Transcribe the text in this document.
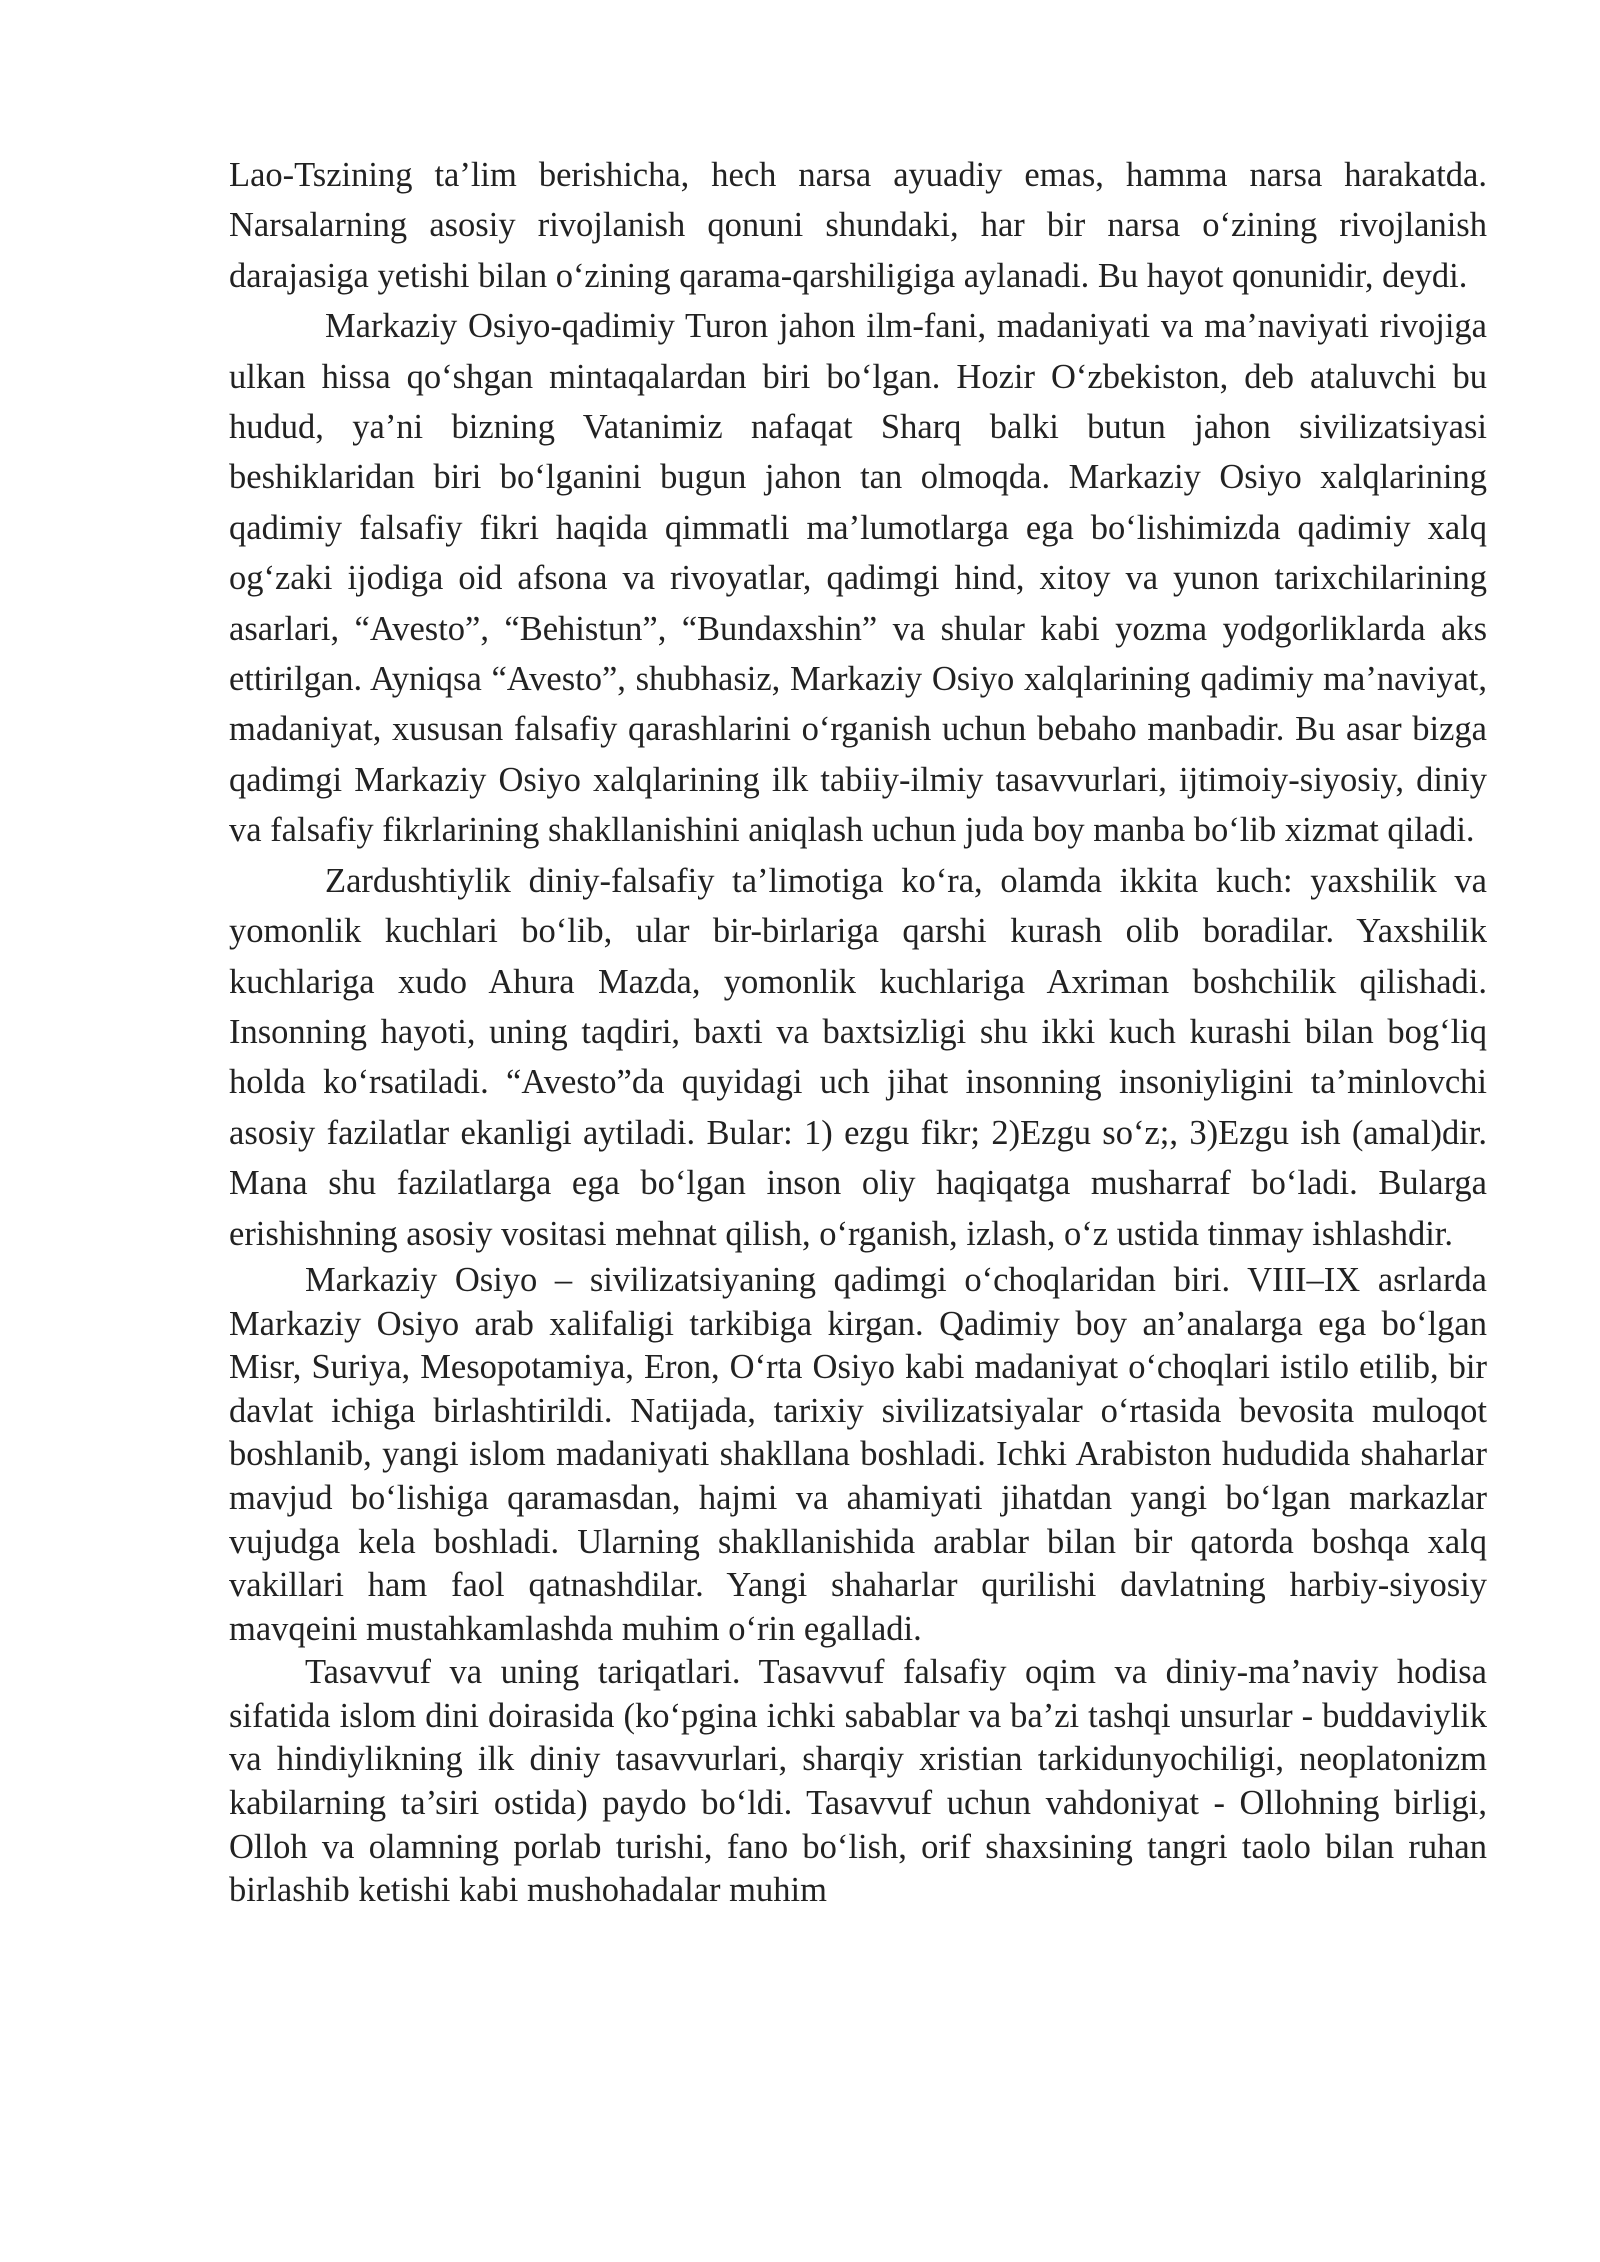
Lao-Tszining ta’lim berishicha, hech narsa ayuadiy emas, hamma narsa harakatda. Narsalarning asosiy rivojlanish qonuni shundaki, har bir narsa o‘zining rivojlanish darajasiga yetishi bilan o‘zining qarama-qarshiligiga aylanadi. Bu hayot qonunidir, deydi.

Markaziy Osiyo-qadimiy Turon jahon ilm-fani, madaniyati va ma’naviyati rivojiga ulkan hissa qo‘shgan mintaqalardan biri bo‘lgan. Hozir O‘zbekiston, deb ataluvchi bu hudud, ya’ni bizning Vatanimiz nafaqat Sharq balki butun jahon sivilizatsiyasi beshiklaridan biri bo‘lganini bugun jahon tan olmoqda. Markaziy Osiyo xalqlarining qadimiy falsafiy fikri haqida qimmatli ma’lumotlarga ega bo‘lishimizda qadimiy xalq og‘zaki ijodiga oid afsona va rivoyatlar, qadimgi hind, xitoy va yunon tarixchilarining asarlari, “Avesto”, “Behistun”, “Bundaxshin” va shular kabi yozma yodgorliklarda aks ettirilgan. Ayniqsa “Avesto”, shubhasiz, Markaziy Osiyo xalqlarining qadimiy ma’naviyat, madaniyat, xususan falsafiy qarashlarini o‘rganish uchun bebaho manbadir. Bu asar bizga qadimgi Markaziy Osiyo xalqlarining ilk tabiiy-ilmiy tasavvurlari, ijtimoiy-siyosiy, diniy va falsafiy fikrlarining shakllanishini aniqlash uchun juda boy manba bo‘lib xizmat qiladi.

Zardushtiylik diniy-falsafiy ta’limotiga ko‘ra, olamda ikkita kuch: yaxshilik va yomonlik kuchlari bo‘lib, ular bir-birlariga qarshi kurash olib boradilar. Yaxshilik kuchlariga xudo Ahura Mazda, yomonlik kuchlariga Axriman boshchilik qilishadi. Insonning hayoti, uning taqdiri, baxti va baxtsizligi shu ikki kuch kurashi bilan bog‘liq holda ko‘rsatiladi. “Avesto”da quyidagi uch jihat insonning insoniyligini ta’minlovchi asosiy fazilatlar ekanligi aytiladi. Bular: 1) ezgu fikr; 2)Ezgu so‘z;, 3)Ezgu ish (amal)dir. Mana shu fazilatlarga ega bo‘lgan inson oliy haqiqatga musharraf bo‘ladi. Bularga erishishning asosiy vositasi mehnat qilish, o‘rganish, izlash, o‘z ustida tinmay ishlashdir.

Markaziy Osiyo – sivilizatsiyaning qadimgi o‘choqlaridan biri. VIII–IX asrlarda Markaziy Osiyo arab xalifaligi tarkibiga kirgan. Qadimiy boy an’analarga ega bo‘lgan Misr, Suriya, Mesopotamiya, Eron, O‘rta Osiyo kabi madaniyat o‘choqlari istilo etilib, bir davlat ichiga birlashtirildi. Natijada, tarixiy sivilizatsiyalar o‘rtasida bevosita muloqot boshlanib, yangi islom madaniyati shakllana boshladi. Ichki Arabiston hududida shaharlar mavjud bo‘lishiga qaramasdan, hajmi va ahamiyati jihatdan yangi bo‘lgan markazlar vujudga kela boshladi. Ularning shakllanishida arablar bilan bir qatorda boshqa xalq vakillari ham faol qatnashdilar. Yangi shaharlar qurilishi davlatning harbiy-siyosiy mavqeini mustahkamlashda muhim o‘rin egalladi.

Tasavvuf va uning tariqatlari. Tasavvuf falsafiy oqim va diniy-ma’naviy hodisa sifatida islom dini doirasida (ko‘pgina ichki sabablar va ba’zi tashqi unsurlar - buddaviylik va hindiylikning ilk diniy tasavvurlari, sharqiy xristian tarkidunyochiligi, neoplatonizm kabilarning ta’siri ostida) paydo bo‘ldi. Tasavvuf uchun vahdoniyat - Ollohning birligi, Olloh va olamning porlab turishi, fano bo‘lish, orif shaxsining tangri taolo bilan ruhan birlashib ketishi kabi mushohadalar muhim
